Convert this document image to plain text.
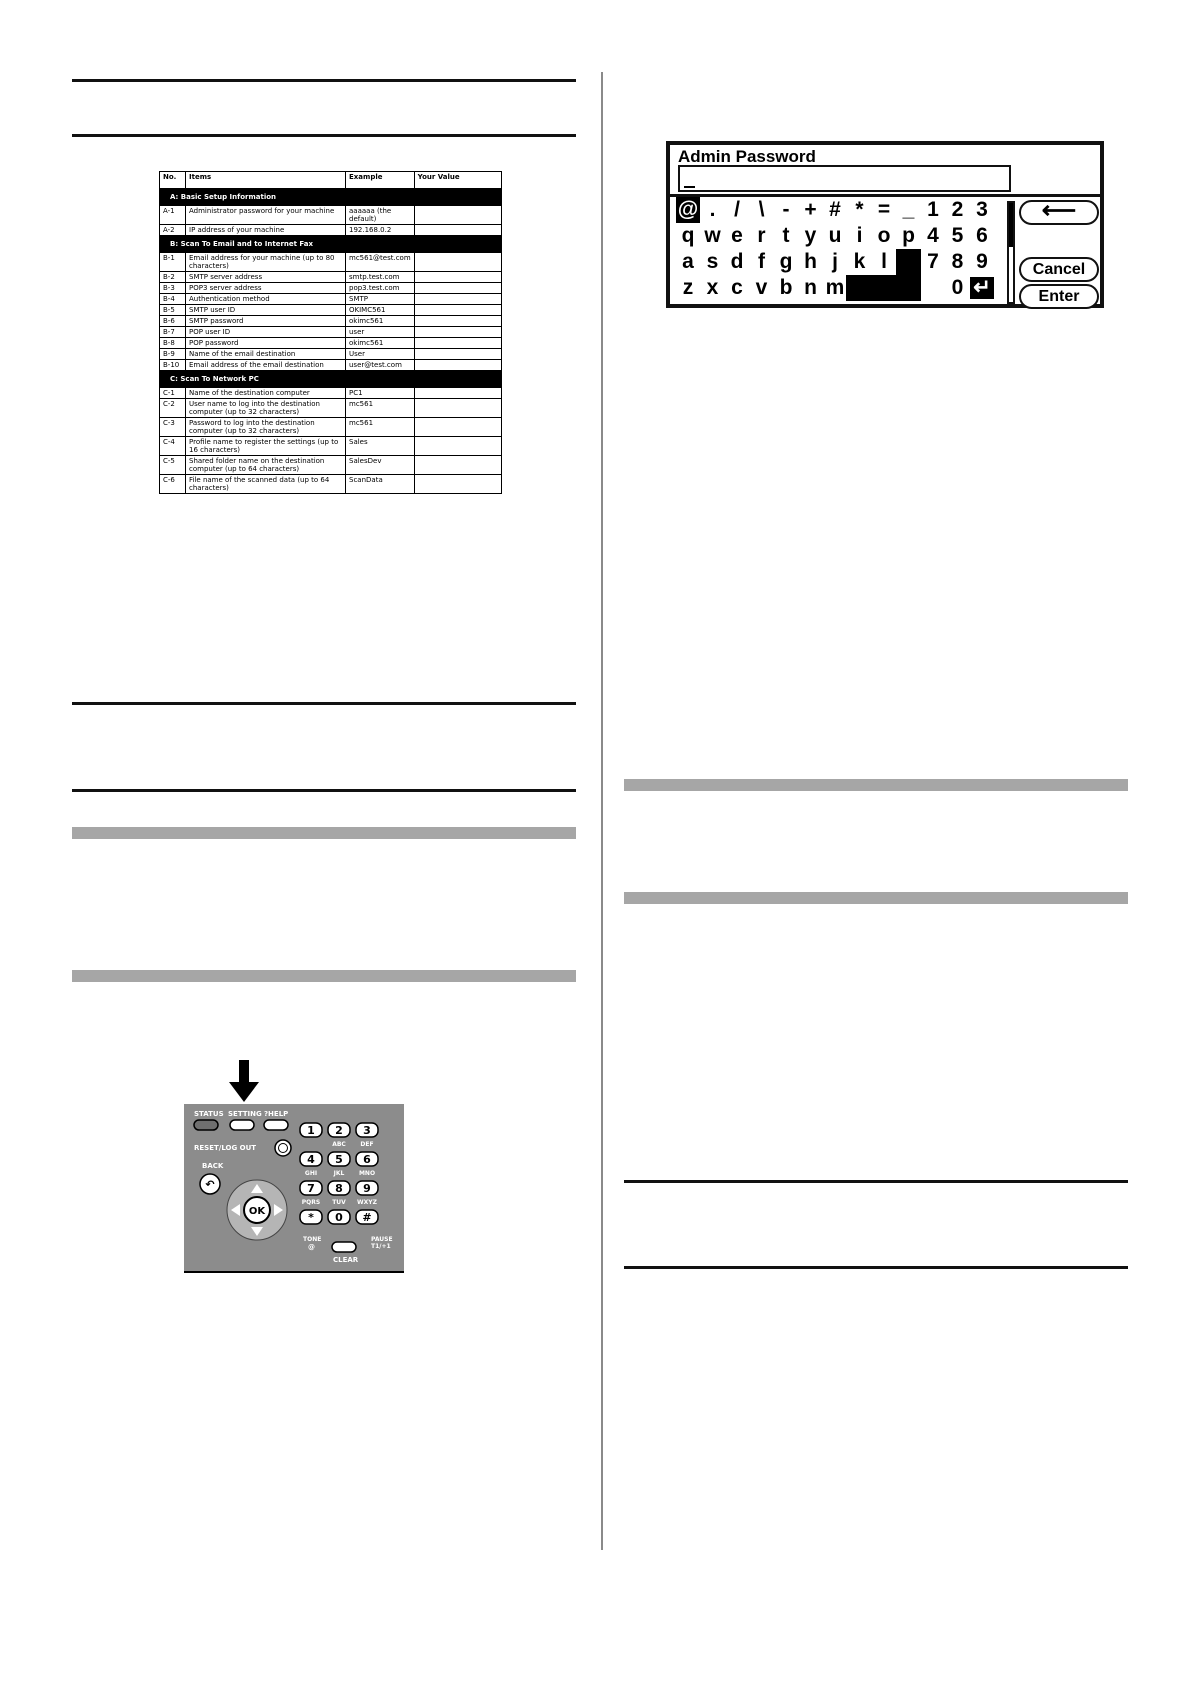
No.	Items	Example	Your Value
A: Basic Setup Information			
A-1	Administrator password for your machine	aaaaaa (the default)	
A-2	IP address of your machine	192.168.0.2	
B: Scan To Email and to Internet Fax			
B-1	Email address for your machine (up to 80 characters)	mc561@test.com	
B-2	SMTP server address	smtp.test.com	
B-3	POP3 server address	pop3.test.com	
B-4	Authentication method	SMTP	
B-5	SMTP user ID	OKIMC561	
B-6	SMTP password	okimc561	
B-7	POP user ID	user	
B-8	POP password	okimc561	
B-9	Name of the email destination	User	
B-10	Email address of the email destination	user@test.com	
C: Scan To Network PC			
C-1	Name of the destination computer	PC1	
C-2	User name to log into the destination computer (up to 32 characters)	mc561	
C-3	Password to log into the destination computer (up to 32 characters)	mc561	
C-4	Profile name to register the settings (up to 16 characters)	Sales	
C-5	Shared folder name on the destination computer (up to 64 characters)	SalesDev	
C-6	File name of the scanned data (up to 64 characters)	ScanData	
Admin Password
@ . / \ - + # * = _ 1 2 3
q w e r t y u i o p 4 5 6
a s d f g h j k l	7 8 9
z x c v b n m	0 ↵
⟵
Cancel
Enter
STATUS SETTING ?HELP
RESET/LOG OUT
BACK
↶
OK
1 2
ABC
3
DEF
4
GHI
5
JKL
6
MNO
7
PQRS
8
TUV
9
WXYZ
* 0 #
TONE
@
PAUSE
T1/+1
CLEAR
